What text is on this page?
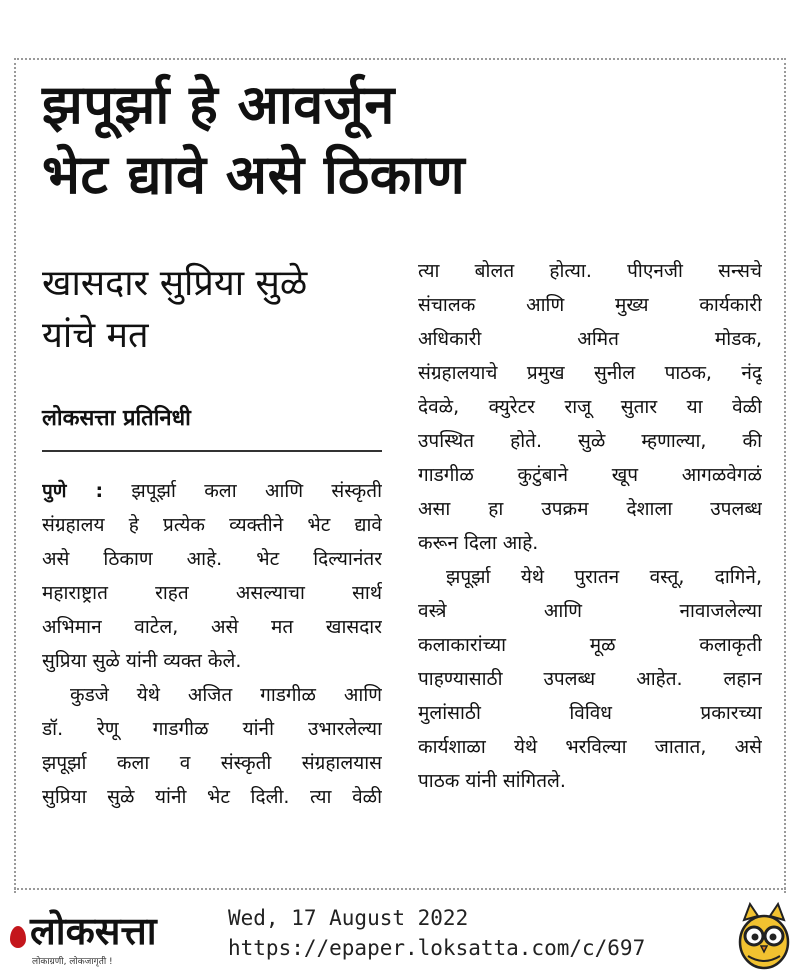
झपूर्झा हे आवर्जून
भेट द्यावे असे ठिकाण
खासदार सुप्रिया सुळे
यांचे मत

लोकसत्ता प्रतिनिधी

पुणे : झपूर्झा कला आणि संस्कृती
संग्रहालय हे प्रत्येक व्यक्तीने भेट द्यावे
असे ठिकाण आहे. भेट दिल्यानंतर
महाराष्ट्रात राहत असल्याचा सार्थ
अभिमान वाटेल, असे मत खासदार
सुप्रिया सुळे यांनी व्यक्त केले.
कुडजे येथे अजित गाडगीळ आणि
डॉ. रेणू गाडगीळ यांनी उभारलेल्या
झपूर्झा कला व संस्कृती संग्रहालयास
सुप्रिया सुळे यांनी भेट दिली. त्या वेळी
त्या बोलत होत्या. पीएनजी सन्सचे
संचालक आणि मुख्य कार्यकारी
अधिकारी अमित मोडक,
संग्रहालयाचे प्रमुख सुनील पाठक, नंदू
देवळे, क्युरेटर राजू सुतार या वेळी
उपस्थित होते. सुळे म्हणाल्या, की
गाडगीळ कुटुंबाने खूप आगळवेगळं
असा हा उपक्रम देशाला उपलब्ध
करून दिला आहे.
झपूर्झा येथे पुरातन वस्तू, दागिने,
वस्त्रे आणि नावाजलेल्या
कलाकारांच्या मूळ कलाकृती
पाहण्यासाठी उपलब्ध आहेत. लहान
मुलांसाठी विविध प्रकारच्या
कार्यशाळा येथे भरविल्या जातात, असे
पाठक यांनी सांगितले.
लोकसत्ता
लोकाग्रणी, लोकजागृती !
Wed, 17 August 2022
https://epaper.loksatta.com/c/697
